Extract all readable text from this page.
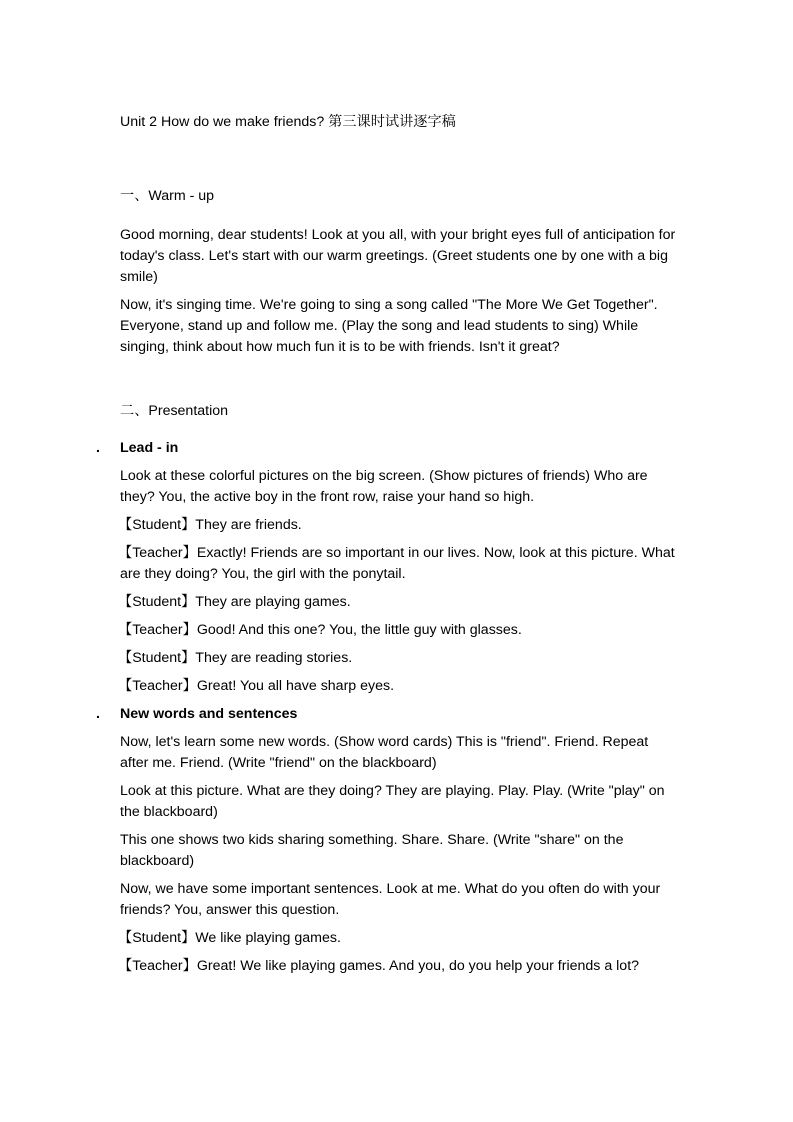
Unit 2 How do we make friends? 第三课时试讲逐字稿

一、Warm - up

Good morning, dear students! Look at you all, with your bright eyes full of anticipation for today's class. Let's start with our warm greetings. (Greet students one by one with a big smile)

Now, it's singing time. We're going to sing a song called "The More We Get Together". Everyone, stand up and follow me. (Play the song and lead students to sing) While singing, think about how much fun it is to be with friends. Isn't it great?

二、Presentation

. Lead - in

Look at these colorful pictures on the big screen. (Show pictures of friends) Who are they? You, the active boy in the front row, raise your hand so high.

【Student】They are friends.

【Teacher】Exactly! Friends are so important in our lives. Now, look at this picture. What are they doing? You, the girl with the ponytail.

【Student】They are playing games.

【Teacher】Good! And this one? You, the little guy with glasses.

【Student】They are reading stories.

【Teacher】Great! You all have sharp eyes.

. New words and sentences

Now, let's learn some new words. (Show word cards) This is "friend". Friend. Repeat after me. Friend. (Write "friend" on the blackboard)

Look at this picture. What are they doing? They are playing. Play. Play. (Write "play" on the blackboard)

This one shows two kids sharing something. Share. Share. (Write "share" on the blackboard)

Now, we have some important sentences. Look at me. What do you often do with your friends? You, answer this question.

【Student】We like playing games.

【Teacher】Great! We like playing games. And you, do you help your friends a lot?
